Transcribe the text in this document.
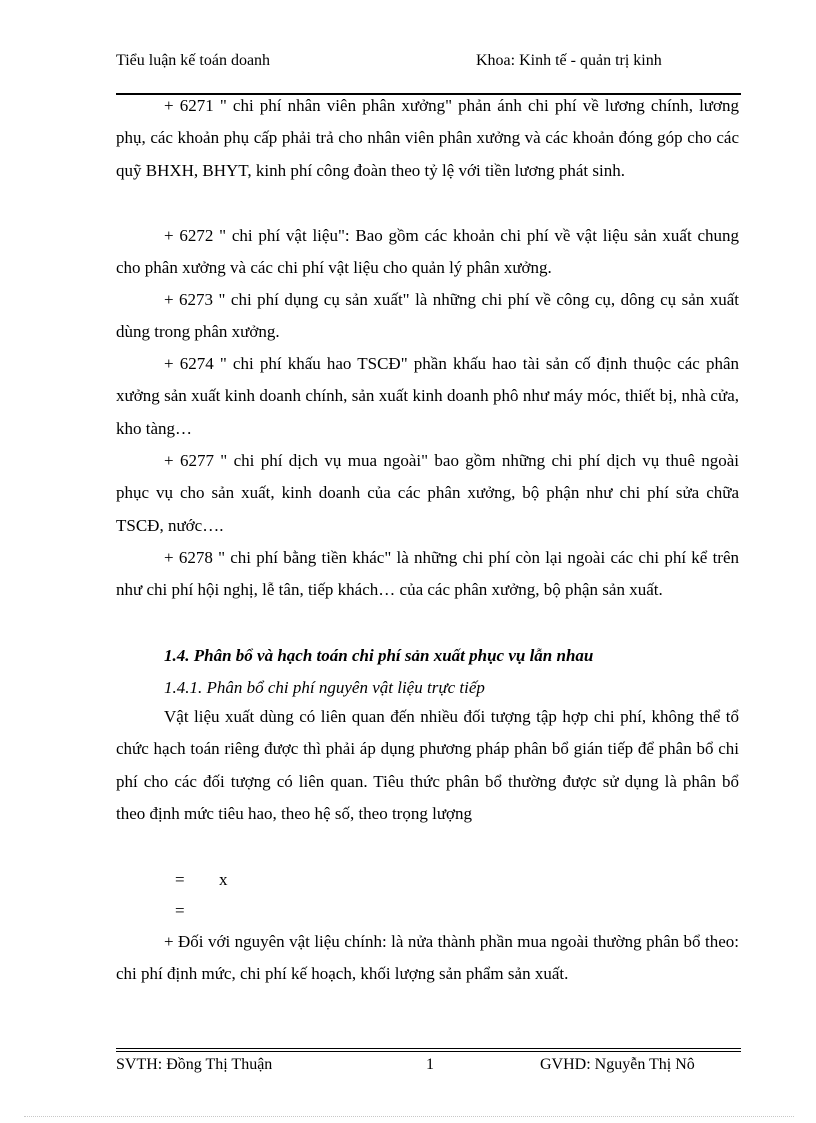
Tiểu luận kế toán doanh	Khoa: Kinh tế - quản trị kinh

+ 6271 " chi phí nhân viên phân xưởng" phản ánh chi phí về lương chính, lương phụ, các khoản phụ cấp phải trả cho nhân viên phân xưởng và các khoản đóng góp cho các quỹ BHXH, BHYT, kinh phí công đoàn theo tỷ lệ với tiền lương phát sinh.

+ 6272 " chi phí vật liệu": Bao gồm các khoản chi phí về vật liệu sản xuất chung cho phân xưởng và các chi phí vật liệu cho quản lý phân xưởng.

+ 6273 " chi phí dụng cụ sản xuất" là những chi phí về công cụ, dông cụ sản xuất dùng trong phân xưởng.

+ 6274 " chi phí khấu hao TSCĐ" phần khấu hao tài sản cố định thuộc các phân xưởng sản xuất kinh doanh chính, sản xuất kinh doanh phô như máy móc, thiết bị, nhà cửa, kho tàng…

+ 6277 " chi phí dịch vụ mua ngoài" bao gồm những chi phí dịch vụ thuê ngoài phục vụ cho sản xuất, kinh doanh của các phân xưởng, bộ phận như chi phí sửa chữa TSCĐ, nước….

+ 6278 " chi phí bằng tiền khác" là những chi phí còn lại ngoài các chi phí kể trên như chi phí hội nghị, lễ tân, tiếp khách… của các phân xưởng, bộ phận sản xuất.

1.4. Phân bổ và hạch toán chi phí sản xuất phục vụ lẫn nhau

1.4.1. Phân bổ chi phí nguyên vật liệu trực tiếp

Vật liệu xuất dùng có liên quan đến nhiều đối tượng tập hợp chi phí, không thể tổ chức hạch toán riêng được thì phải áp dụng phương pháp phân bổ gián tiếp để phân bổ chi phí cho các đối tượng có liên quan. Tiêu thức phân bổ thường được sử dụng là phân bổ theo định mức tiêu hao, theo hệ số, theo trọng lượng

= x
=

+ Đối với nguyên vật liệu chính: là nửa thành phần mua ngoài thường phân bổ theo: chi phí định mức, chi phí kế hoạch, khối lượng sản phẩm sản xuất.

SVTH: Đồng Thị Thuận	1	GVHD: Nguyễn Thị Nô
